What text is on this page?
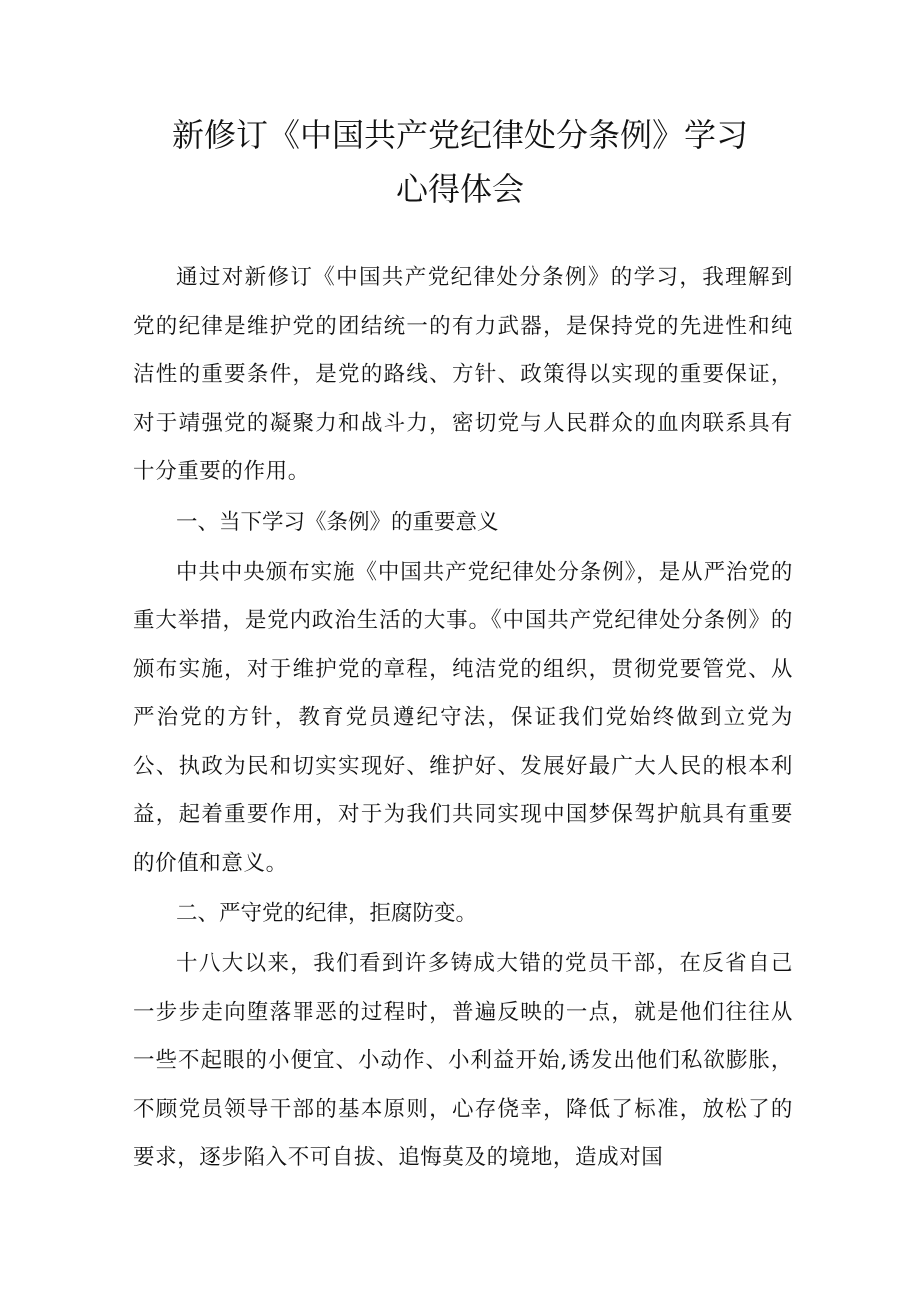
新修订《中国共产党纪律处分条例》学习
心得体会

通过对新修订《中国共产党纪律处分条例》的学习，我理解到党的纪律是维护党的团结统一的有力武器，是保持党的先进性和纯洁性的重要条件，是党的路线、方针、政策得以实现的重要保证，对于靖强党的凝聚力和战斗力，密切党与人民群众的血肉联系具有十分重要的作用。

一、当下学习《条例》的重要意义

中共中央颁布实施《中国共产党纪律处分条例》，是从严治党的重大举措，是党内政治生活的大事。《中国共产党纪律处分条例》的颁布实施，对于维护党的章程，纯洁党的组织，贯彻党要管党、从严治党的方针，教育党员遵纪守法，保证我们党始终做到立党为公、执政为民和切实实现好、维护好、发展好最广大人民的根本利益，起着重要作用，对于为我们共同实现中国梦保驾护航具有重要的价值和意义。

二、严守党的纪律，拒腐防变。

十八大以来，我们看到许多铸成大错的党员干部，在反省自己一步步走向堕落罪恶的过程时，普遍反映的一点，就是他们往往从一些不起眼的小便宜、小动作、小利益开始,诱发出他们私欲膨胀，不顾党员领导干部的基本原则，心存侥幸，降低了标准，放松了的要求，逐步陷入不可自拔、追悔莫及的境地，造成对国
